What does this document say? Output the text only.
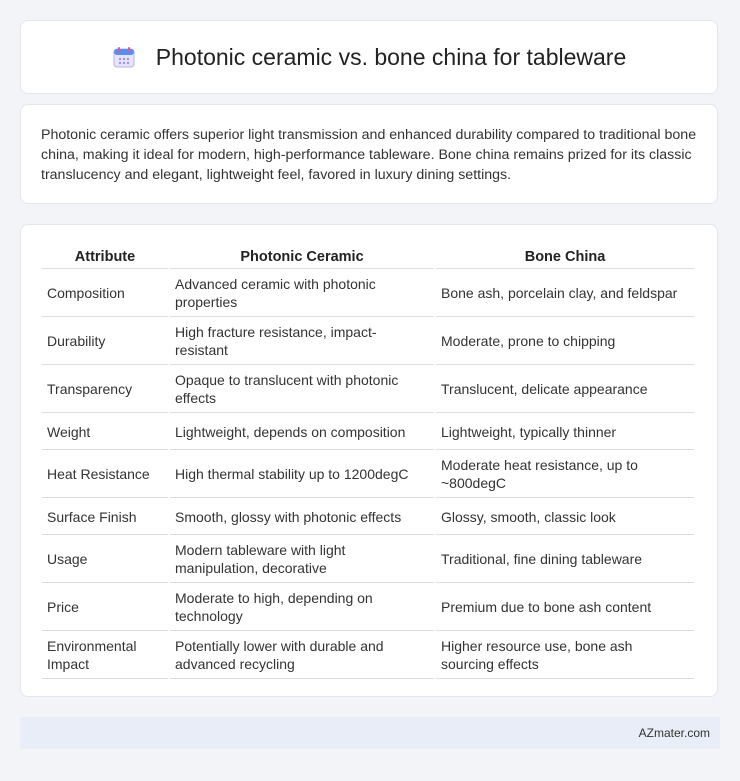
Photonic ceramic vs. bone china for tableware

Photonic ceramic offers superior light transmission and enhanced durability compared to traditional bone china, making it ideal for modern, high-performance tableware. Bone china remains prized for its classic translucency and elegant, lightweight feel, favored in luxury dining settings.

Attribute	Photonic Ceramic	Bone China
Composition	Advanced ceramic with photonic properties	Bone ash, porcelain clay, and feldspar
Durability	High fracture resistance, impact-resistant	Moderate, prone to chipping
Transparency	Opaque to translucent with photonic effects	Translucent, delicate appearance
Weight	Lightweight, depends on composition	Lightweight, typically thinner
Heat Resistance	High thermal stability up to 1200degC	Moderate heat resistance, up to ~800degC
Surface Finish	Smooth, glossy with photonic effects	Glossy, smooth, classic look
Usage	Modern tableware with light manipulation, decorative	Traditional, fine dining tableware
Price	Moderate to high, depending on technology	Premium due to bone ash content
Environmental Impact	Potentially lower with durable and advanced recycling	Higher resource use, bone ash sourcing effects
AZmater.com
